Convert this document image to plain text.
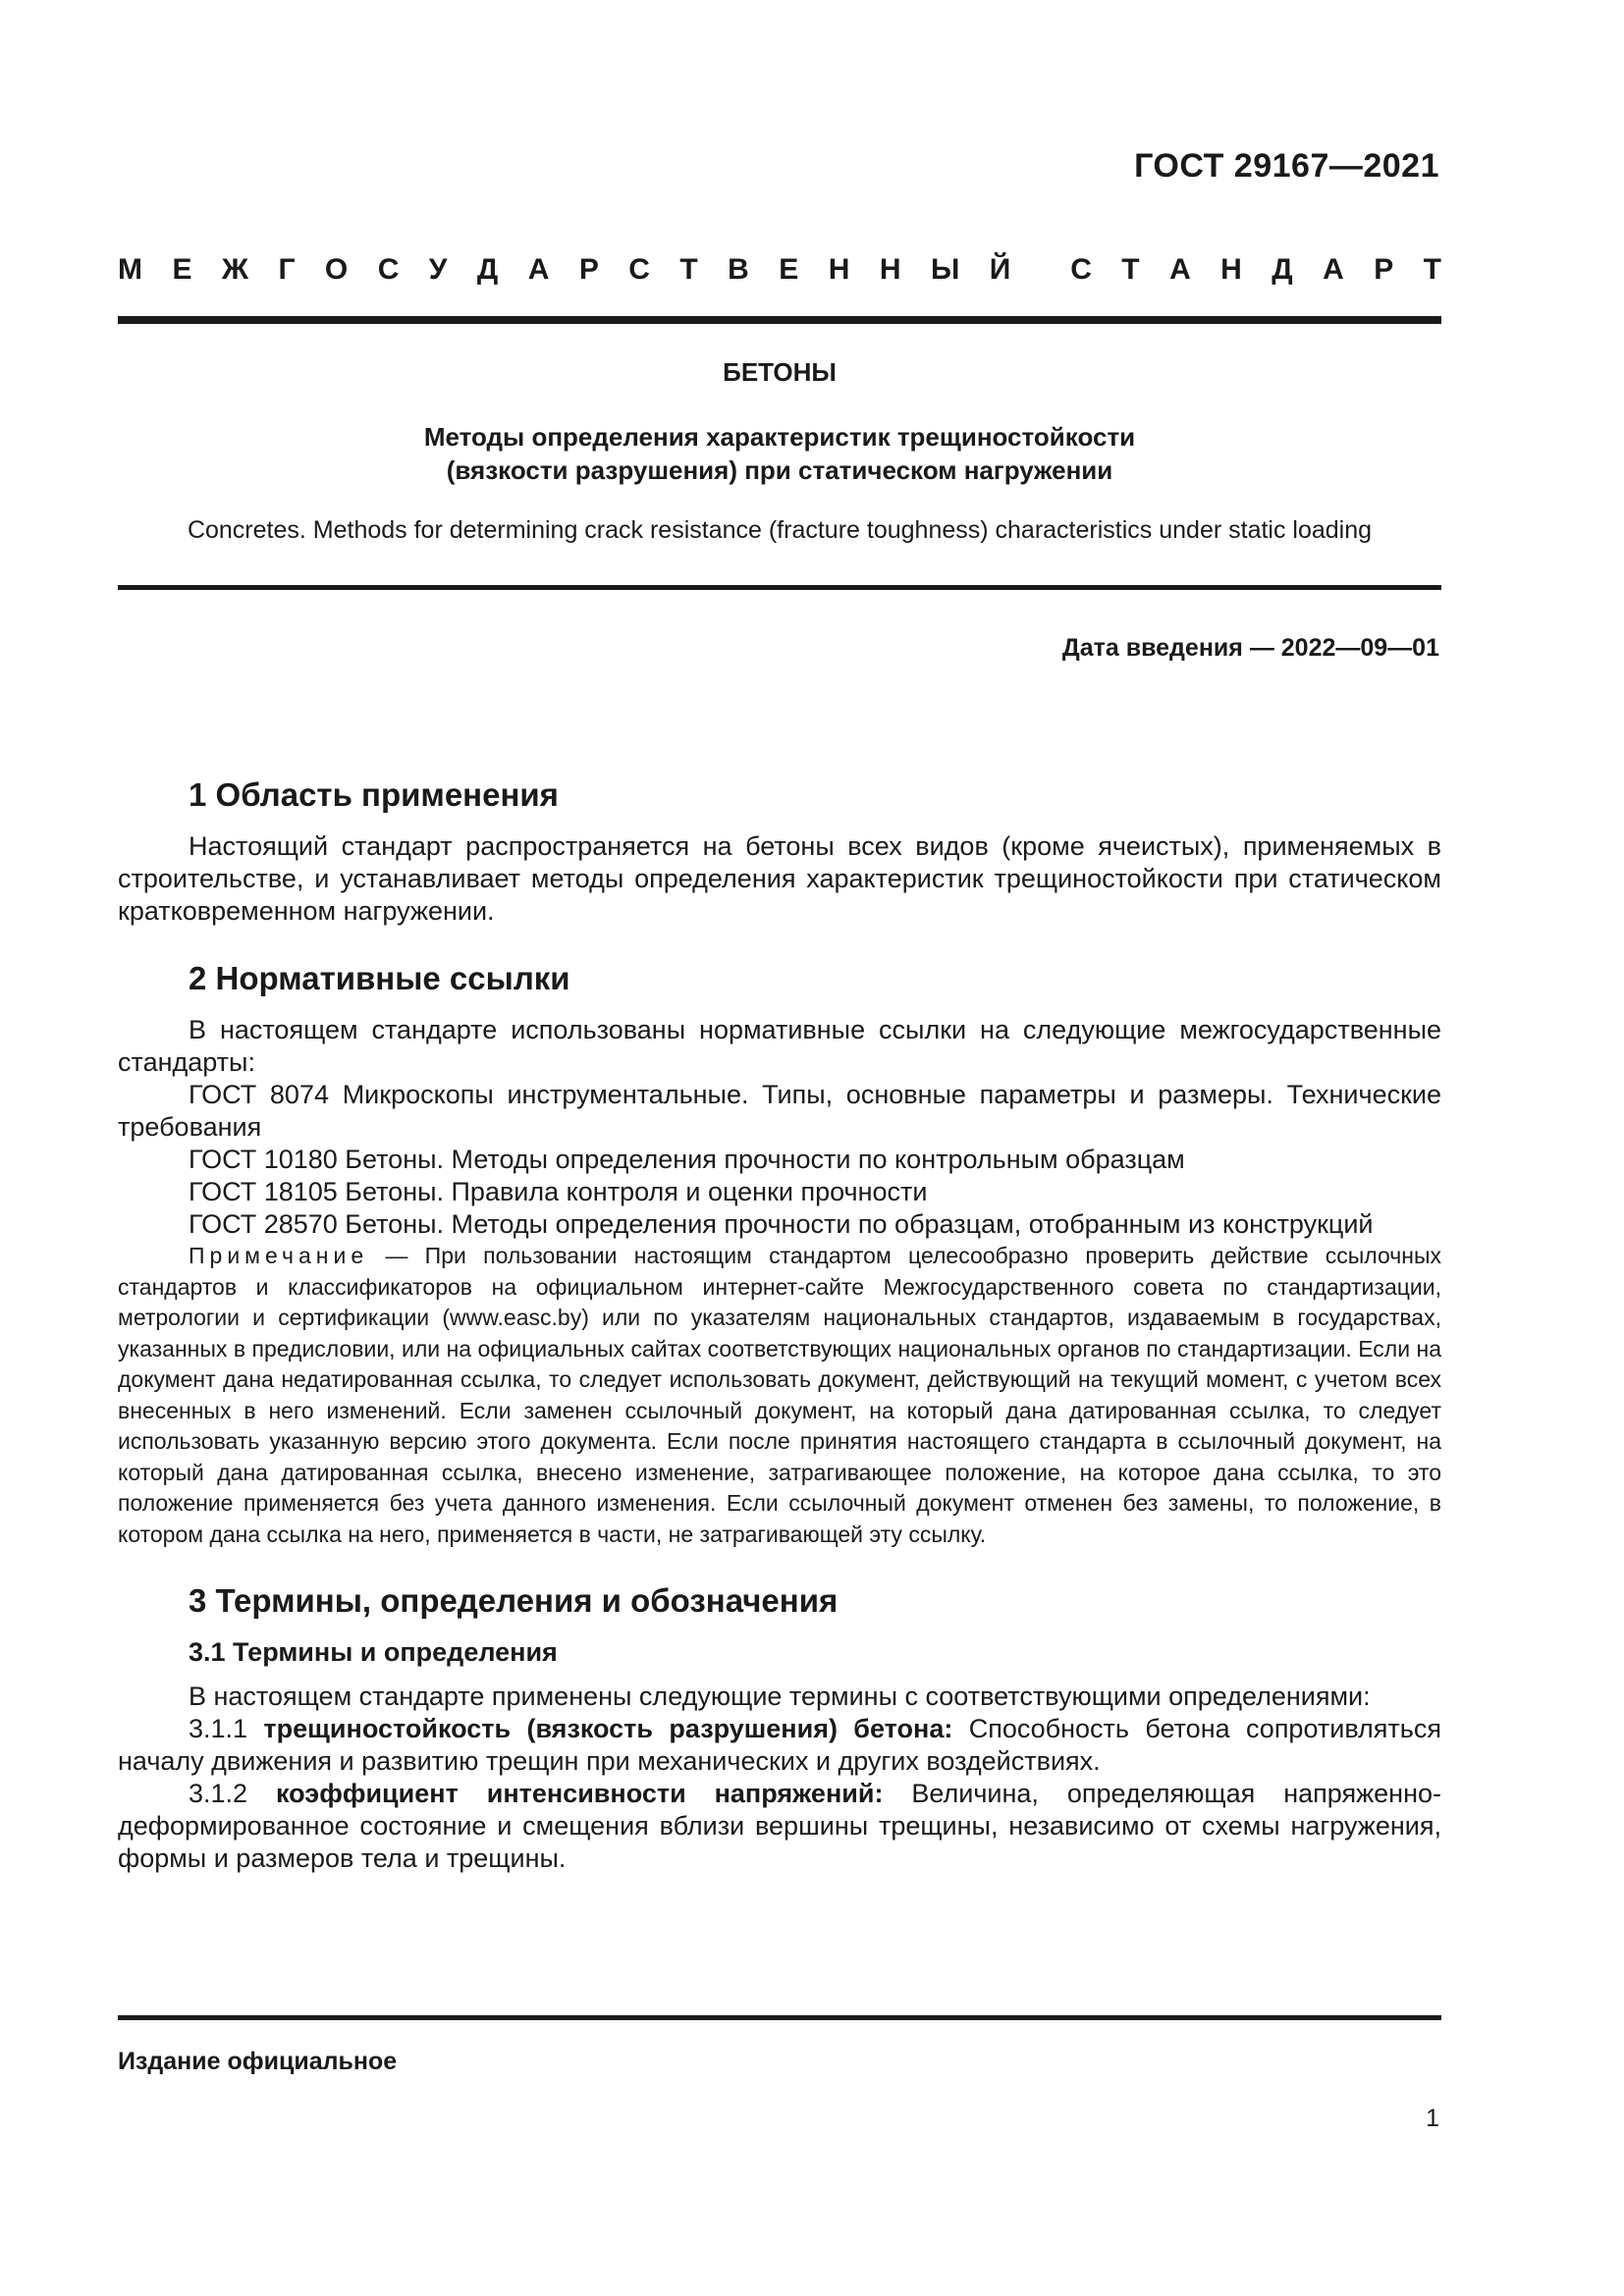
ГОСТ 29167—2021
М Е Ж Г О С У Д А Р С Т В Е Н Н Ы Й С Т А Н Д А Р Т
БЕТОНЫ
Методы определения характеристик трещиностойкости
(вязкости разрушения) при статическом нагружении
Concretes. Methods for determining crack resistance (fracture toughness) characteristics under static loading
Дата введения — 2022—09—01
1 Область применения

Настоящий стандарт распространяется на бетоны всех видов (кроме ячеистых), применяемых в строительстве, и устанавливает методы определения характеристик трещиностойкости при статическом кратковременном нагружении.

2 Нормативные ссылки

В настоящем стандарте использованы нормативные ссылки на следующие межгосударственные стандарты:

ГОСТ 8074 Микроскопы инструментальные. Типы, основные параметры и размеры. Технические требования

ГОСТ 10180 Бетоны. Методы определения прочности по контрольным образцам

ГОСТ 18105 Бетоны. Правила контроля и оценки прочности

ГОСТ 28570 Бетоны. Методы определения прочности по образцам, отобранным из конструкций

Примечание — При пользовании настоящим стандартом целесообразно проверить действие ссылочных стандартов и классификаторов на официальном интернет-сайте Межгосударственного совета по стандартизации, метрологии и сертификации (www.easc.by) или по указателям национальных стандартов, издаваемым в государствах, указанных в предисловии, или на официальных сайтах соответствующих национальных органов по стандартизации. Если на документ дана недатированная ссылка, то следует использовать документ, действующий на текущий момент, с учетом всех внесенных в него изменений. Если заменен ссылочный документ, на который дана датированная ссылка, то следует использовать указанную версию этого документа. Если после принятия настоящего стандарта в ссылочный документ, на который дана датированная ссылка, внесено изменение, затрагивающее положение, на которое дана ссылка, то это положение применяется без учета данного изменения. Если ссылочный документ отменен без замены, то положение, в котором дана ссылка на него, применяется в части, не затрагивающей эту ссылку.

3 Термины, определения и обозначения
3.1 Термины и определения

В настоящем стандарте применены следующие термины с соответствующими определениями:

3.1.1 трещиностойкость (вязкость разрушения) бетона: Способность бетона сопротивляться началу движения и развитию трещин при механических и других воздействиях.

3.1.2 коэффициент интенсивности напряжений: Величина, определяющая напряженно-деформированное состояние и смещения вблизи вершины трещины, независимо от схемы нагружения, формы и размеров тела и трещины.

Издание официальное
1
